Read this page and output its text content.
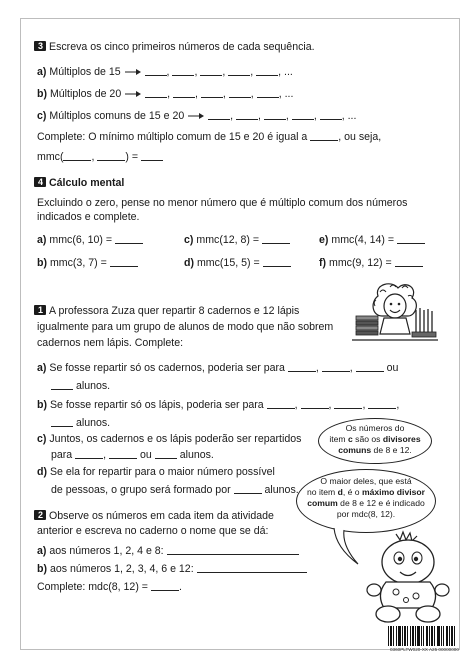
3 Escreva os cinco primeiros números de cada sequência.
a) Múltiplos de 15	, , , , , ...
b) Múltiplos de 20	, , , , , ...
c) Múltiplos comuns de 15 e 20	, , , , , ...
Complete: O mínimo múltiplo comum de 15 e 20 é igual a	, ou seja,
mmc(	,	) =
4 Cálculo mental
Excluindo o zero, pense no menor número que é múltiplo comum dos números
indicados e complete.
a) mmc(6, 10) =	c) mmc(12, 8) =	e) mmc(4, 14) =
b) mmc(3, 7) =	d) mmc(15, 5) =	f) mmc(9, 12) =
1 A professora Zuza quer repartir 8 cadernos e 12 lápis
igualmente para um grupo de alunos de modo que não sobrem
cadernos nem lápis. Complete:
a) Se fosse repartir só os cadernos, poderia ser para	,	,	ou
alunos.
b) Se fosse repartir só os lápis, poderia ser para	,	,	,	,
alunos.
c) Juntos, os cadernos e os lápis poderão ser repartidos
para	,	ou	alunos.
d) Se ela for repartir para o maior número possível
de pessoas, o grupo será formado por	alunos.
Os números do
item c são os divisores
comuns de 8 e 12.
O maior deles, que está
no item d, é o máximo divisor
comum de 8 e 12 e é indicado
por mdc(8, 12).
2 Observe os números em cada item da atividade
anterior e escreva no caderno o nome que se dá:
a) aos números 1, 2, 4 e 8:
b) aos números 1, 2, 3, 4, 6 e 12:
Complete: mdc(8, 12) =	.
0360PLTW020-XX A25 00000000
